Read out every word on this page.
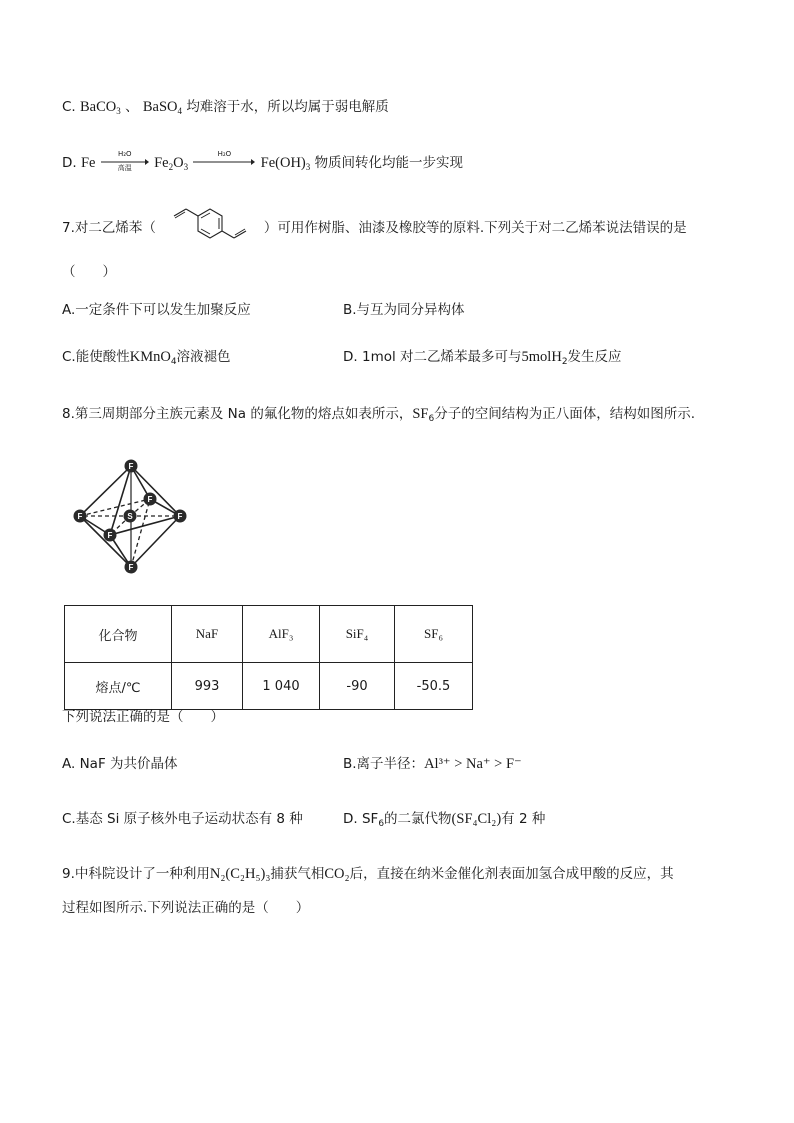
C. BaCO$_3$ 、 BaSO$_4$ 均难溶于水，所以均属于弱电解质
D. Fe
H₂O
高温	$Fe_2O_3$
H₂O
$Fe(OH)_3$ 物质间转化均能一步实现
7.对二乙烯苯（	）可用作树脂、油漆及橡胶等的原料.下列关于对二乙烯苯说法错误的是
（　　）
A.一定条件下可以发生加聚反应	B.与互为同分异构体
C.能使酸性KMnO$_4$溶液褪色	D. 1mol 对二乙烯苯最多可与5molH$_2$发生反应
8.第三周期部分主族元素及 Na 的氟化物的熔点如表所示，$SF_6$分子的空间结构为正八面体，结构如图所示.
F
F	F
F
F
F
S
化合物	NaF	AlF₃	SiF₄	SF₆
熔点/℃	993	1 040	-90	-50.5
下列说法正确的是（　　）
A. NaF 为共价晶体	B.离子半径：Al³⁺ > Na⁺ > F⁻
C.基态 Si 原子核外电子运动状态有 8 种	D. $SF_6$的二氯代物(SF₄Cl₂)有 2 种
9.中科院设计了一种利用N₂(C₂H₅)₃捕获气相CO₂后，直接在纳米金催化剂表面加氢合成甲酸的反应，其
过程如图所示.下列说法正确的是（　　）
